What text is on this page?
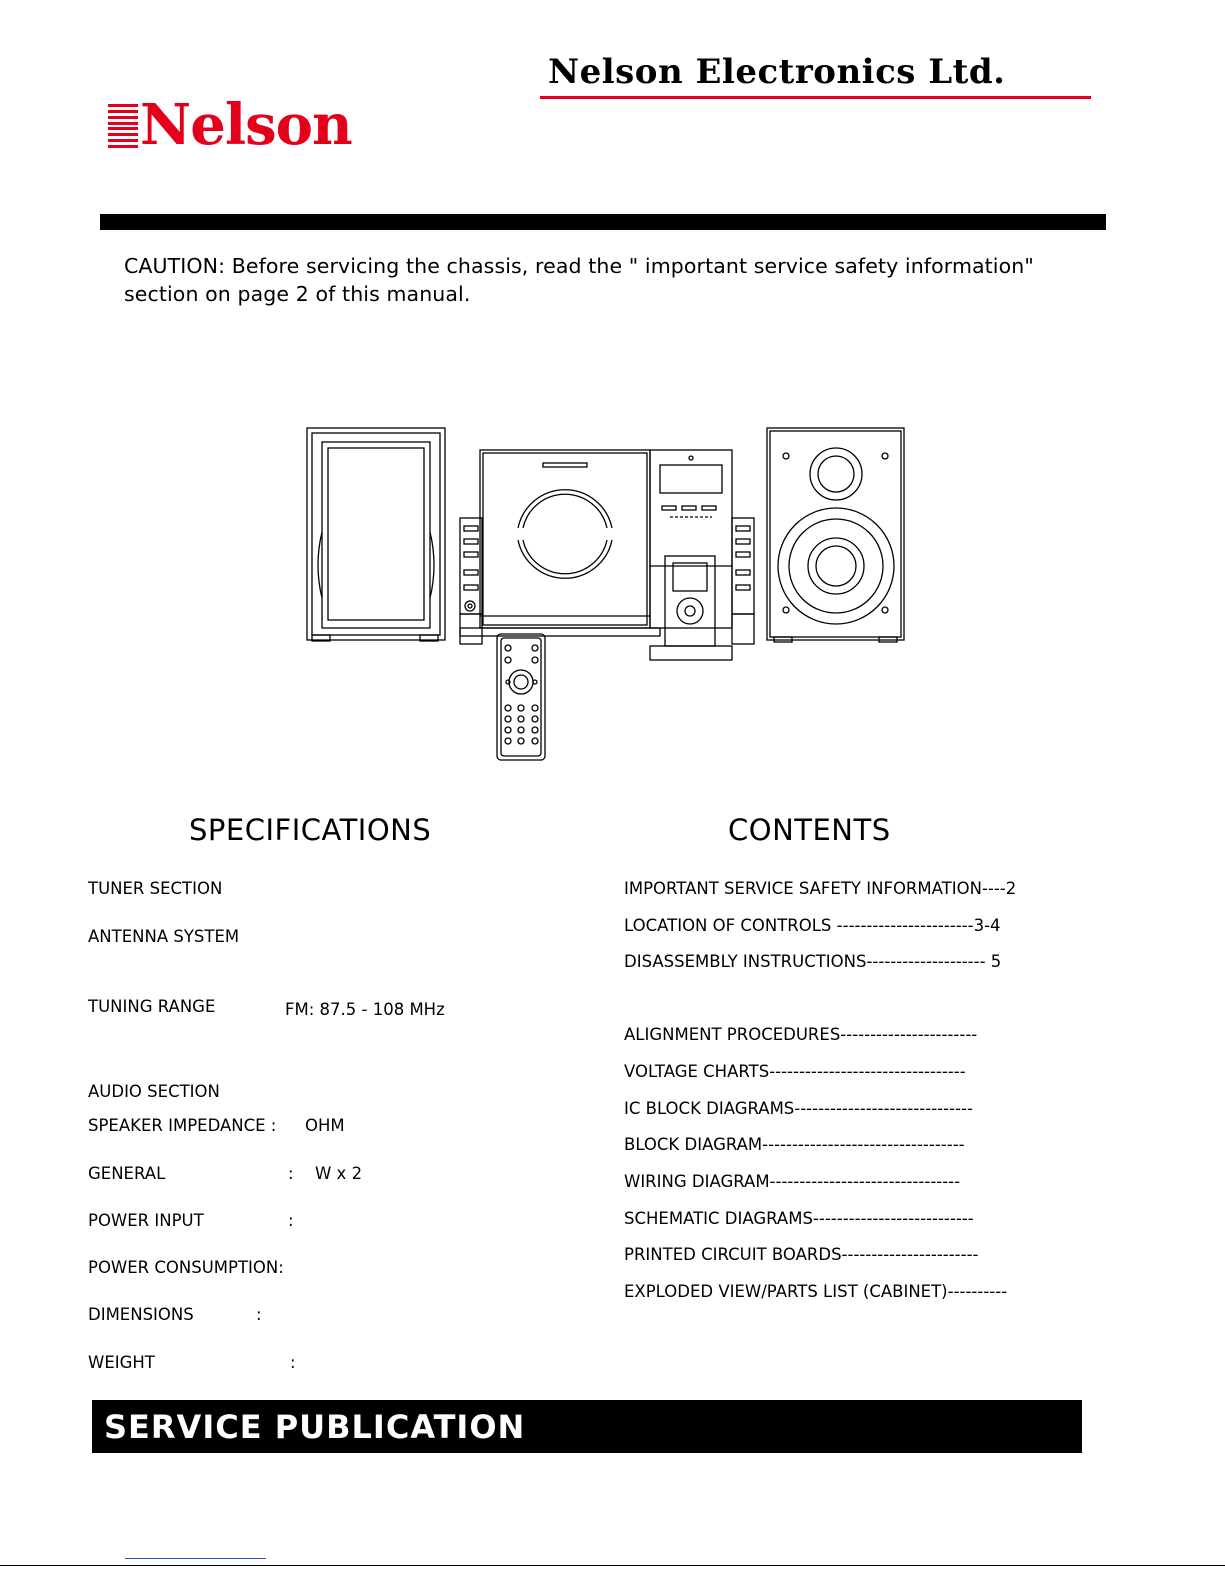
Nelson Electronics Ltd.
Nelson
CAUTION: Before servicing the chassis, read the " important service safety information"
section on page 2 of this manual.
SPECIFICATIONS
TUNER SECTION
ANTENNA SYSTEM
TUNING RANGE	FM: 87.5 - 108 MHz
AUDIO SECTION
SPEAKER IMPEDANCE : OHM
GENERAL	: W x 2
POWER INPUT	:
POWER CONSUMPTION:
DIMENSIONS	:
WEIGHT	:
CONTENTS
IMPORTANT SERVICE SAFETY INFORMATION----2
LOCATION OF CONTROLS -----------------------3-4
DISASSEMBLY INSTRUCTIONS-------------------- 5
ALIGNMENT PROCEDURES-----------------------
VOLTAGE CHARTS---------------------------------
IC BLOCK DIAGRAMS------------------------------
BLOCK DIAGRAM----------------------------------
WIRING DIAGRAM--------------------------------
SCHEMATIC DIAGRAMS---------------------------
PRINTED CIRCUIT BOARDS-----------------------
EXPLODED VIEW/PARTS LIST (CABINET)----------
SERVICE PUBLICATION
